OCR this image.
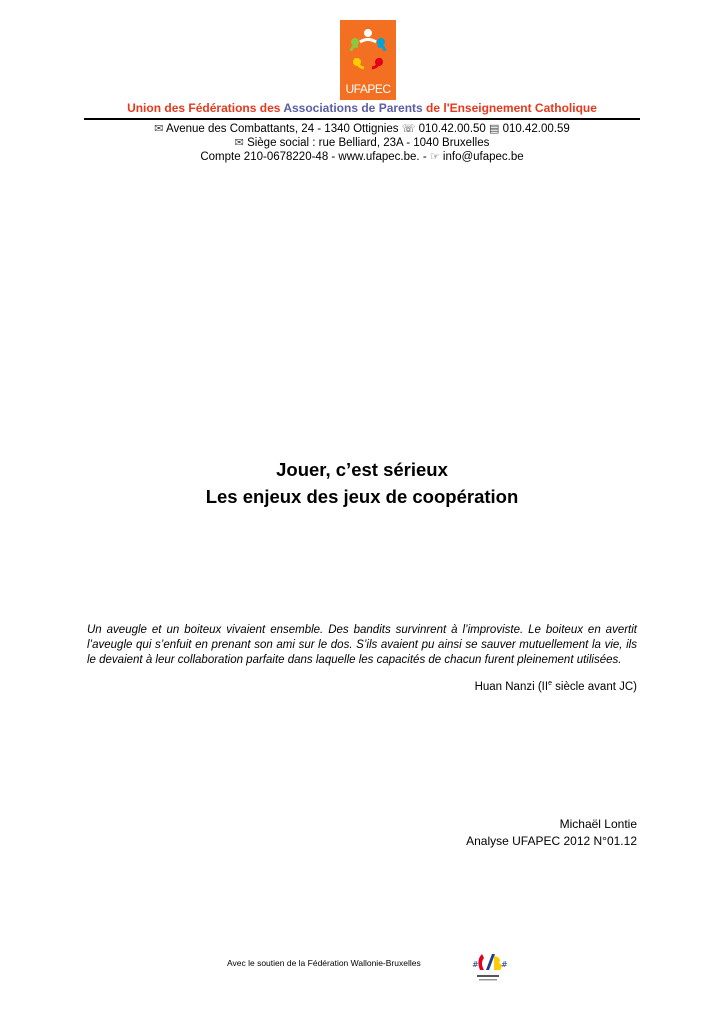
UFAPEC
Union des Fédérations des Associations de Parents de l'Enseignement Catholique
✉ Avenue des Combattants, 24 - 1340 Ottignies ☏ 010.42.00.50 ▤ 010.42.00.59
✉ Siège social : rue Belliard, 23A - 1040 Bruxelles
Compte 210-0678220-48 - www.ufapec.be. - ☞ info@ufapec.be
Jouer, c’est sérieux
Les enjeux des jeux de coopération
Un aveugle et un boiteux vivaient ensemble. Des bandits survinrent à l’improviste. Le boiteux en avertit l’aveugle qui s’enfuit en prenant son ami sur le dos. S’ils avaient pu ainsi se sauver mutuellement la vie, ils le devaient à leur collaboration parfaite dans laquelle les capacités de chacun furent pleinement utilisées.
Huan Nanzi (IIe siècle avant JC)
Michaël Lontie
Analyse UFAPEC 2012 N°01.12
Avec le soutien de la Fédération Wallonie-Bruxelles	#	#
